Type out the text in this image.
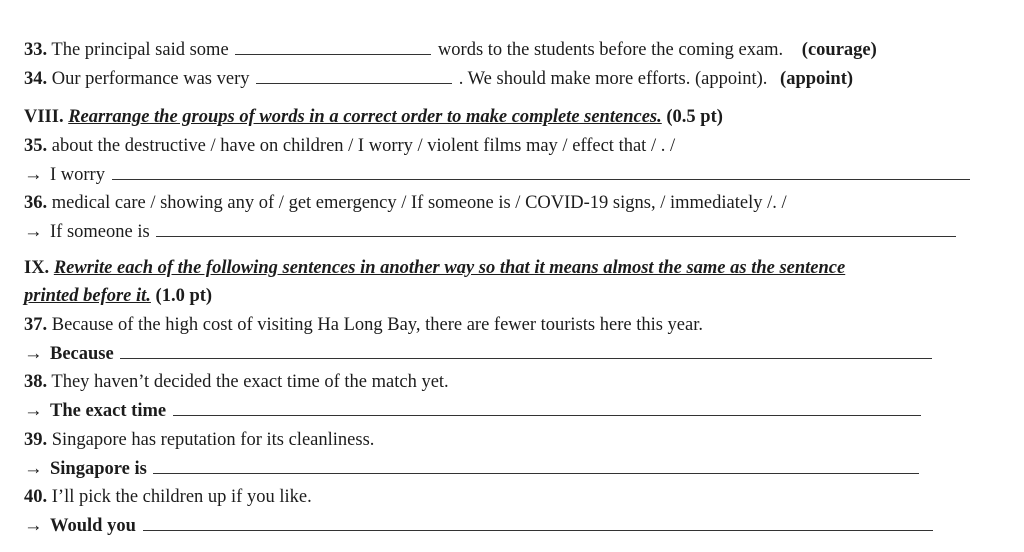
33. The principal said some	words to the students before the coming exam. (courage)
34. Our performance was very	. We should make more efforts. (appoint). (appoint)
VIII. Rearrange the groups of words in a correct order to make complete sentences. (0.5 pt)
35. about the destructive / have on children / I worry / violent films may / effect that / . /
→ I worry
36. medical care / showing any of / get emergency / If someone is / COVID-19 signs, / immediately /. /
→ If someone is
IX. Rewrite each of the following sentences in another way so that it means almost the same as the sentence
printed before it. (1.0 pt)
37. Because of the high cost of visiting Ha Long Bay, there are fewer tourists here this year.
→ Because
38. They haven’t decided the exact time of the match yet.
→ The exact time
39. Singapore has reputation for its cleanliness.
→ Singapore is
40. I’ll pick the children up if you like.
→ Would you
